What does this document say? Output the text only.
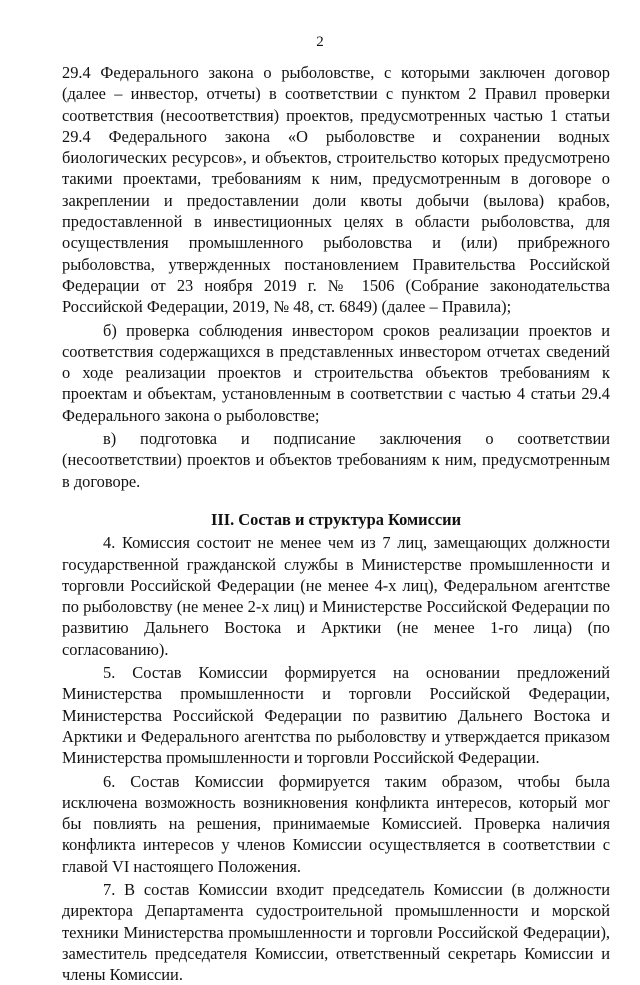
2

29.4 Федерального закона о рыболовстве, с которыми заключен договор (далее – инвестор, отчеты) в соответствии с пунктом 2 Правил проверки соответствия (несоответствия) проектов, предусмотренных частью 1 статьи 29.4 Федерального закона «О рыболовстве и сохранении водных биологических ресурсов», и объектов, строительство которых предусмотрено такими проектами, требованиям к ним, предусмотренным в договоре о закреплении и предоставлении доли квоты добычи (вылова) крабов, предоставленной в инвестиционных целях в области рыболовства, для осуществления промышленного рыболовства и (или) прибрежного рыболовства, утвержденных постановлением Правительства Российской Федерации от 23 ноября 2019 г. № 1506 (Собрание законодательства Российской Федерации, 2019, № 48, ст. 6849) (далее – Правила);

б) проверка соблюдения инвестором сроков реализации проектов и соответствия содержащихся в представленных инвестором отчетах сведений о ходе реализации проектов и строительства объектов требованиям к проектам и объектам, установленным в соответствии с частью 4 статьи 29.4 Федерального закона о рыболовстве;

в) подготовка и подписание заключения о соответствии (несоответствии) проектов и объектов требованиям к ним, предусмотренным в договоре.

III. Состав и структура Комиссии

4. Комиссия состоит не менее чем из 7 лиц, замещающих должности государственной гражданской службы в Министерстве промышленности и торговли Российской Федерации (не менее 4-х лиц), Федеральном агентстве по рыболовству (не менее 2-х лиц) и Министерстве Российской Федерации по развитию Дальнего Востока и Арктики (не менее 1-го лица) (по согласованию).

5. Состав Комиссии формируется на основании предложений Министерства промышленности и торговли Российской Федерации, Министерства Российской Федерации по развитию Дальнего Востока и Арктики и Федерального агентства по рыболовству и утверждается приказом Министерства промышленности и торговли Российской Федерации.

6. Состав Комиссии формируется таким образом, чтобы была исключена возможность возникновения конфликта интересов, который мог бы повлиять на решения, принимаемые Комиссией. Проверка наличия конфликта интересов у членов Комиссии осуществляется в соответствии с главой VI настоящего Положения.

7. В состав Комиссии входит председатель Комиссии (в должности директора Департамента судостроительной промышленности и морской техники Министерства промышленности и торговли Российской Федерации), заместитель председателя Комиссии, ответственный секретарь Комиссии и члены Комиссии.
